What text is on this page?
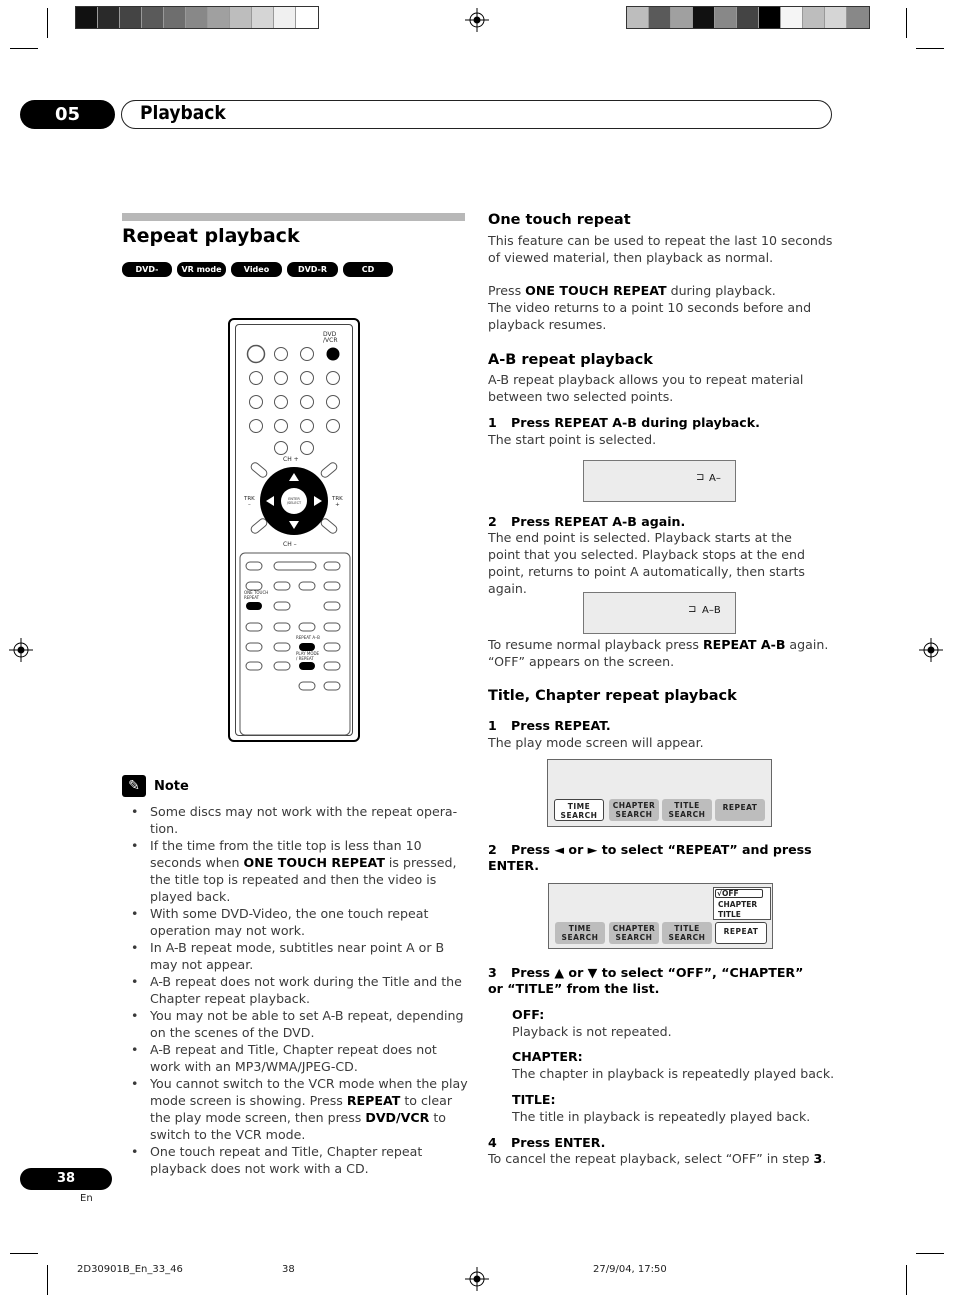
05	Playback
Repeat playback
DVD-Video
VR mode	Video mode
DVD-R	CD
DVD
/VCR
CH +
CH –
TRK
–
TRK
+
ENTER
/SELECT
ONE TOUCH
REPEAT
REPEAT A–B
PLAY MODE
/ REPEAT
✎	Note
• Some discs may not work with the repeat opera-tion.
• If the time from the title top is less than 10 seconds when ONE TOUCH REPEAT is pressed, the title top is repeated and then the video is played back.
• With some DVD-Video, the one touch repeat operation may not work.
• In A-B repeat mode, subtitles near point A or B may not appear.
• A-B repeat does not work during the Title and the Chapter repeat playback.
• You may not be able to set A-B repeat, depending on the scenes of the DVD.
• A-B repeat and Title, Chapter repeat does not work with an MP3/WMA/JPEG-CD.
• You cannot switch to the VCR mode when the play mode screen is showing. Press REPEAT to clear the play mode screen, then press DVD/VCR to switch to the VCR mode.
• One touch repeat and Title, Chapter repeat playback does not work with a CD.
One touch repeat
This feature can be used to repeat the last 10 seconds of viewed material, then playback as normal.
Press ONE TOUCH REPEAT during playback.
The video returns to a point 10 seconds before and playback resumes.
A-B repeat playback
A-B repeat playback allows you to repeat material between two selected points.
1 Press REPEAT A-B during playback.
The start point is selected.
⊐ A–
2 Press REPEAT A-B again.
The end point is selected. Playback starts at the point that you selected. Playback stops at the end point, returns to point A automatically, then starts again.
⊐ A–B
To resume normal playback press REPEAT A-B again.
“OFF” appears on the screen.
Title, Chapter repeat playback
1 Press REPEAT.
The play mode screen will appear.
TIME
SEARCH
CHAPTER
SEARCH
TITLE
SEARCH
REPEAT
2 Press ◄ or ► to select “REPEAT” and press ENTER.
√OFF
CHAPTER
TITLE
TIME
SEARCH
CHAPTER
SEARCH
TITLE
SEARCH
REPEAT
3 Press ▲ or ▼ to select “OFF”, “CHAPTER” or “TITLE” from the list.
OFF:
Playback is not repeated.
CHAPTER:
The chapter in playback is repeatedly played back.
TITLE:
The title in playback is repeatedly played back.
4 Press ENTER.
To cancel the repeat playback, select “OFF” in step 3.
38
En
2D30901B_En_33_46	38	27/9/04, 17:50
